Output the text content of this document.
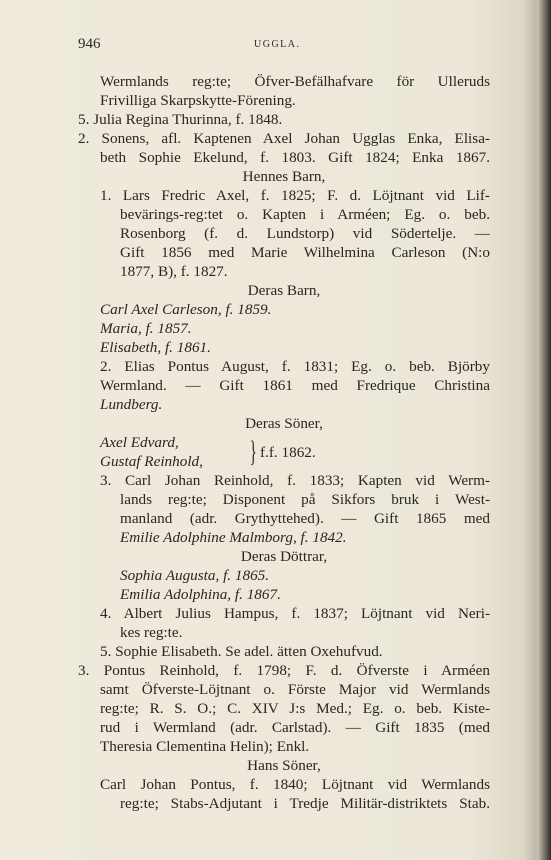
946	UGGLA.
Wermlands reg:te; Öfver-Befälhafvare för Ulleruds
Frivilliga Skarpskytte-Förening.
5. Julia Regina Thurinna, f. 1848.
2. Sonens, afl. Kaptenen Axel Johan Ugglas Enka, Elisa-
beth Sophie Ekelund, f. 1803. Gift 1824; Enka 1867.
Hennes Barn,
1. Lars Fredric Axel, f. 1825; F. d. Löjtnant vid Lif-
bevärings-reg:tet o. Kapten i Arméen; Eg. o. beb.
Rosenborg (f. d. Lundstorp) vid Södertelje. —
Gift 1856 med Marie Wilhelmina Carleson (N:o
1877, B), f. 1827.
Deras Barn,
Carl Axel Carleson, f. 1859.
Maria, f. 1857.
Elisabeth, f. 1861.
2. Elias Pontus August, f. 1831; Eg. o. beb. Björby
Wermland. — Gift 1861 med Fredrique Christina
Lundberg.
Deras Söner,
Axel Edvard,
Gustaf Reinhold, } f.f. 1862.
3. Carl Johan Reinhold, f. 1833; Kapten vid Werm-
lands reg:te; Disponent på Sikfors bruk i West-
manland (adr. Grythyttehed). — Gift 1865 med
Emilie Adolphine Malmborg, f. 1842.
Deras Döttrar,
Sophia Augusta, f. 1865.
Emilia Adolphina, f. 1867.
4. Albert Julius Hampus, f. 1837; Löjtnant vid Neri-
kes reg:te.
5. Sophie Elisabeth. Se adel. ätten Oxehufvud.
3. Pontus Reinhold, f. 1798; F. d. Öfverste i Arméen
samt Öfverste-Löjtnant o. Förste Major vid Wermlands
reg:te; R. S. O.; C. XIV J:s Med.; Eg. o. beb. Kiste-
rud i Wermland (adr. Carlstad). — Gift 1835 (med
Theresia Clementina Helin); Enkl.
Hans Söner,
Carl Johan Pontus, f. 1840; Löjtnant vid Wermlands
reg:te; Stabs-Adjutant i Tredje Militär-distriktets Stab.
